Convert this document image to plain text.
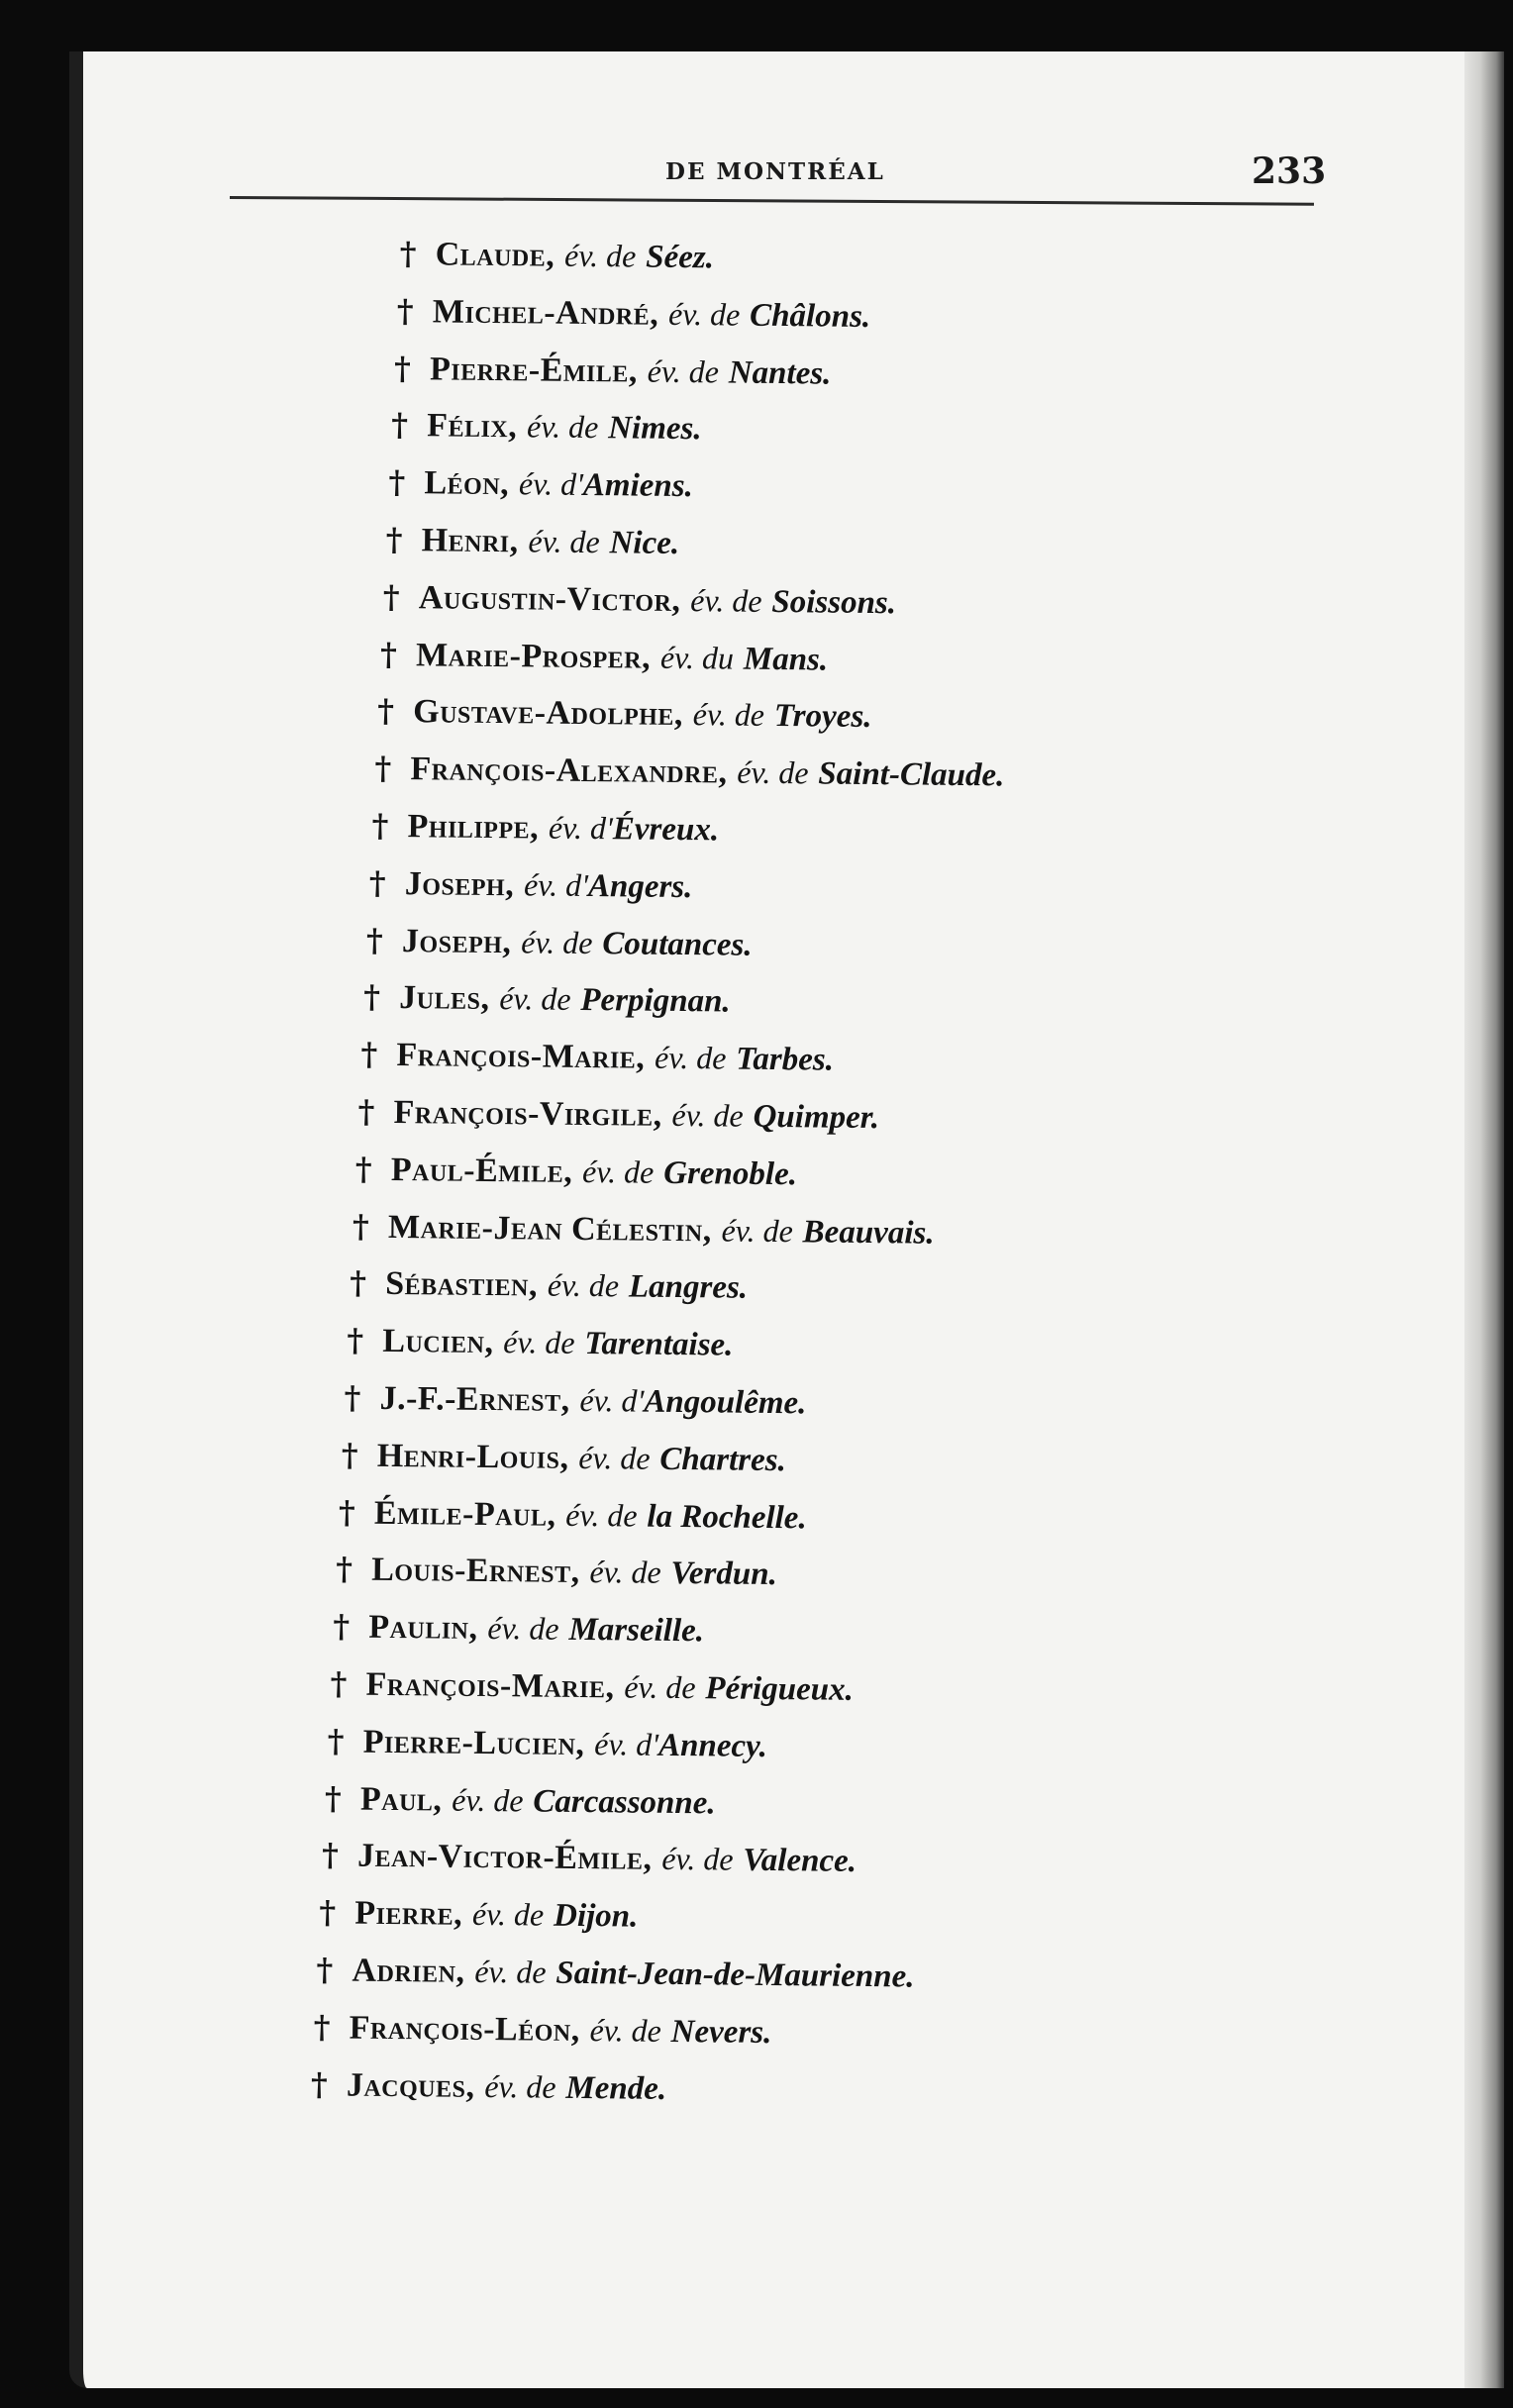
DE MONTRÉAL	233
† Claude, év. de Séez.
† Michel-André, év. de Châlons.
† Pierre-Émile, év. de Nantes.
† Félix, év. de Nimes.
† Léon, év. d'Amiens.
† Henri, év. de Nice.
† Augustin-Victor, év. de Soissons.
† Marie-Prosper, év. du Mans.
† Gustave-Adolphe, év. de Troyes.
† François-Alexandre, év. de Saint-Claude.
† Philippe, év. d'Évreux.
† Joseph, év. d'Angers.
† Joseph, év. de Coutances.
† Jules, év. de Perpignan.
† François-Marie, év. de Tarbes.
† François-Virgile, év. de Quimper.
† Paul-Émile, év. de Grenoble.
† Marie-Jean Célestin, év. de Beauvais.
† Sébastien, év. de Langres.
† Lucien, év. de Tarentaise.
† J.-F.-Ernest, év. d'Angoulême.
† Henri-Louis, év. de Chartres.
† Émile-Paul, év. de la Rochelle.
† Louis-Ernest, év. de Verdun.
† Paulin, év. de Marseille.
† François-Marie, év. de Périgueux.
† Pierre-Lucien, év. d'Annecy.
† Paul, év. de Carcassonne.
† Jean-Victor-Émile, év. de Valence.
† Pierre, év. de Dijon.
† Adrien, év. de Saint-Jean-de-Maurienne.
† François-Léon, év. de Nevers.
† Jacques, év. de Mende.
